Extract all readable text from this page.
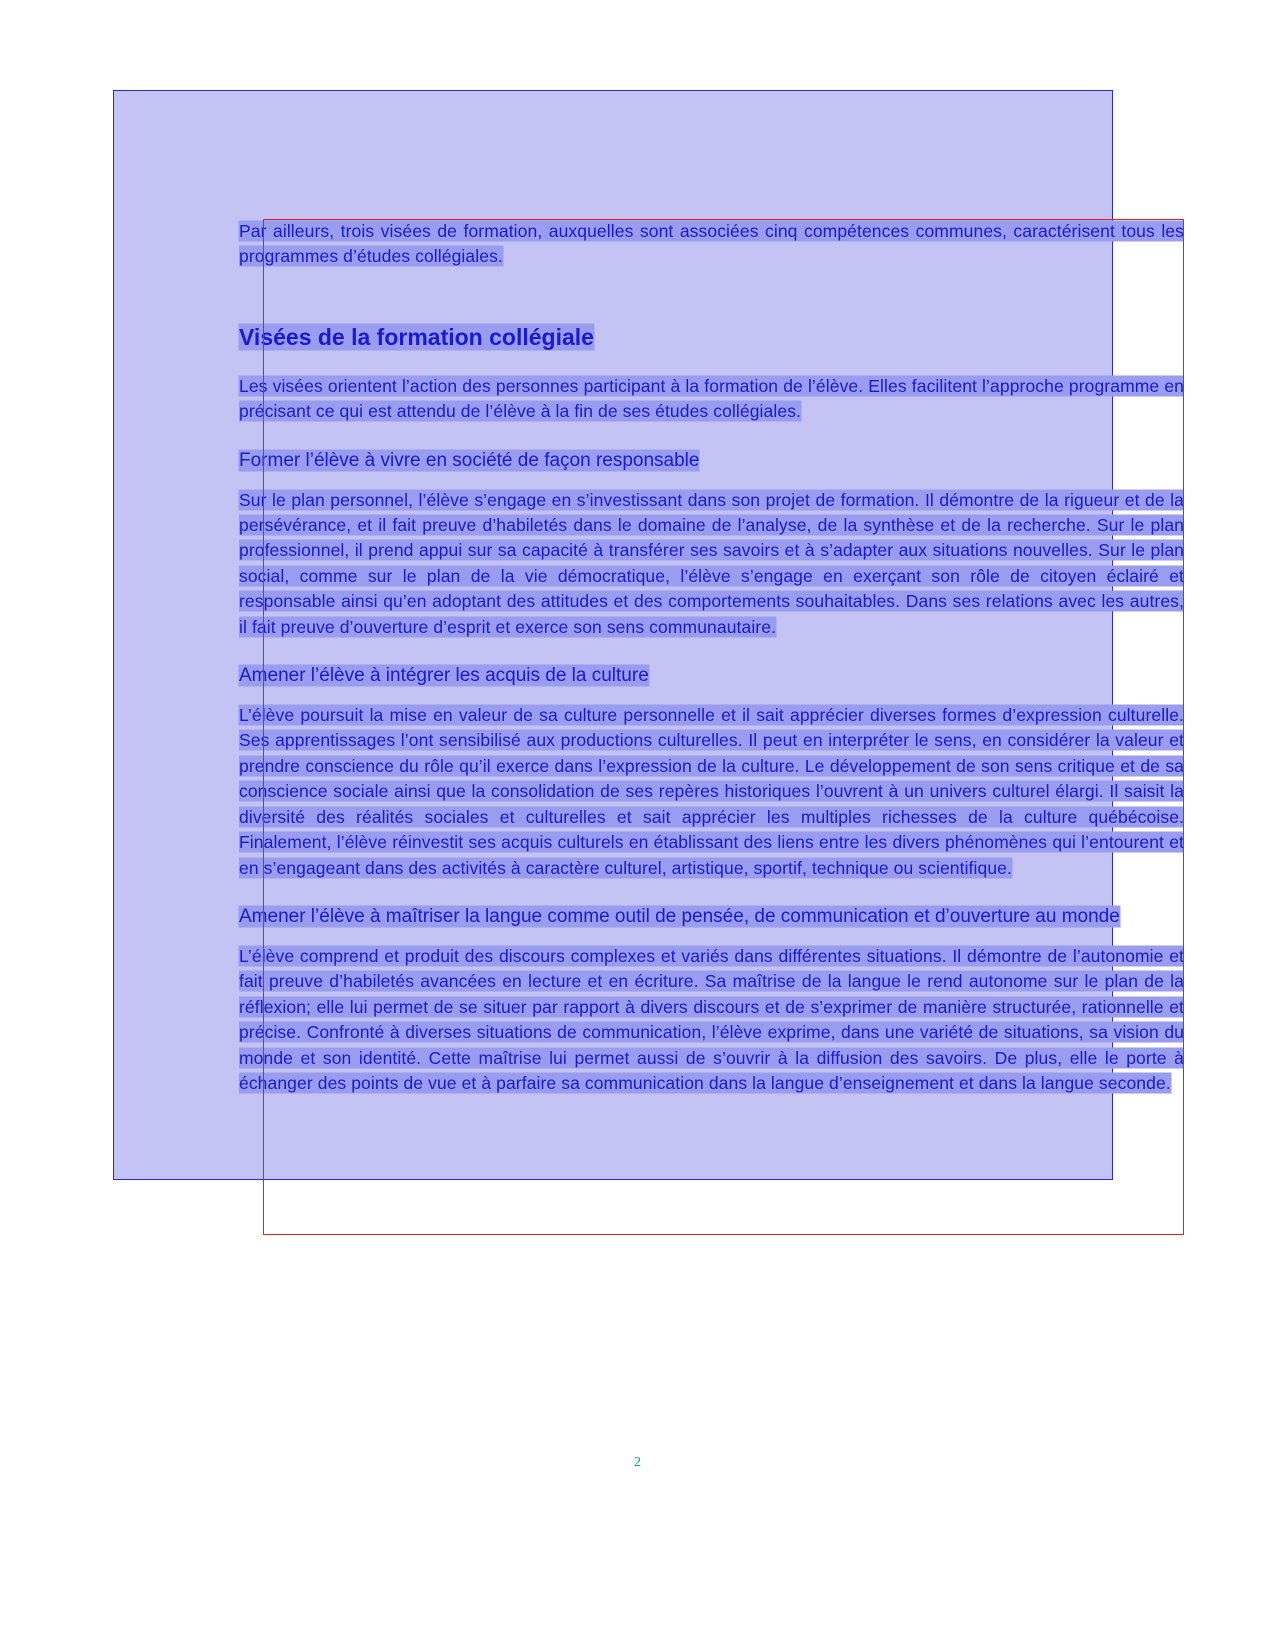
Par ailleurs, trois visées de formation, auxquelles sont associées cinq compétences communes, caractérisent tous les programmes d’études collégiales.

Visées de la formation collégiale

Les visées orientent l’action des personnes participant à la formation de l’élève. Elles facilitent l’approche programme en précisant ce qui est attendu de l’élève à la fin de ses études collégiales.

Former l’élève à vivre en société de façon responsable

Sur le plan personnel, l’élève s’engage en s’investissant dans son projet de formation. Il démontre de la rigueur et de la persévérance, et il fait preuve d’habiletés dans le domaine de l’analyse, de la synthèse et de la recherche. Sur le plan professionnel, il prend appui sur sa capacité à transférer ses savoirs et à s’adapter aux situations nouvelles. Sur le plan social, comme sur le plan de la vie démocratique, l’élève s’engage en exerçant son rôle de citoyen éclairé et responsable ainsi qu’en adoptant des attitudes et des comportements souhaitables. Dans ses relations avec les autres, il fait preuve d’ouverture d’esprit et exerce son sens communautaire.

Amener l’élève à intégrer les acquis de la culture

L’élève poursuit la mise en valeur de sa culture personnelle et il sait apprécier diverses formes d’expression culturelle. Ses apprentissages l’ont sensibilisé aux productions culturelles. Il peut en interpréter le sens, en considérer la valeur et prendre conscience du rôle qu’il exerce dans l’expression de la culture. Le développement de son sens critique et de sa conscience sociale ainsi que la consolidation de ses repères historiques l’ouvrent à un univers culturel élargi. Il saisit la diversité des réalités sociales et culturelles et sait apprécier les multiples richesses de la culture québécoise. Finalement, l’élève réinvestit ses acquis culturels en établissant des liens entre les divers phénomènes qui l’entourent et en s’engageant dans des activités à caractère culturel, artistique, sportif, technique ou scientifique.

Amener l’élève à maîtriser la langue comme outil de pensée, de communication et d’ouverture au monde

L’élève comprend et produit des discours complexes et variés dans différentes situations. Il démontre de l’autonomie et fait preuve d’habiletés avancées en lecture et en écriture. Sa maîtrise de la langue le rend autonome sur le plan de la réflexion; elle lui permet de se situer par rapport à divers discours et de s’exprimer de manière structurée, rationnelle et précise. Confronté à diverses situations de communication, l’élève exprime, dans une variété de situations, sa vision du monde et son identité. Cette maîtrise lui permet aussi de s’ouvrir à la diffusion des savoirs. De plus, elle le porte à échanger des points de vue et à parfaire sa communication dans la langue d’enseignement et dans la langue seconde.

2
